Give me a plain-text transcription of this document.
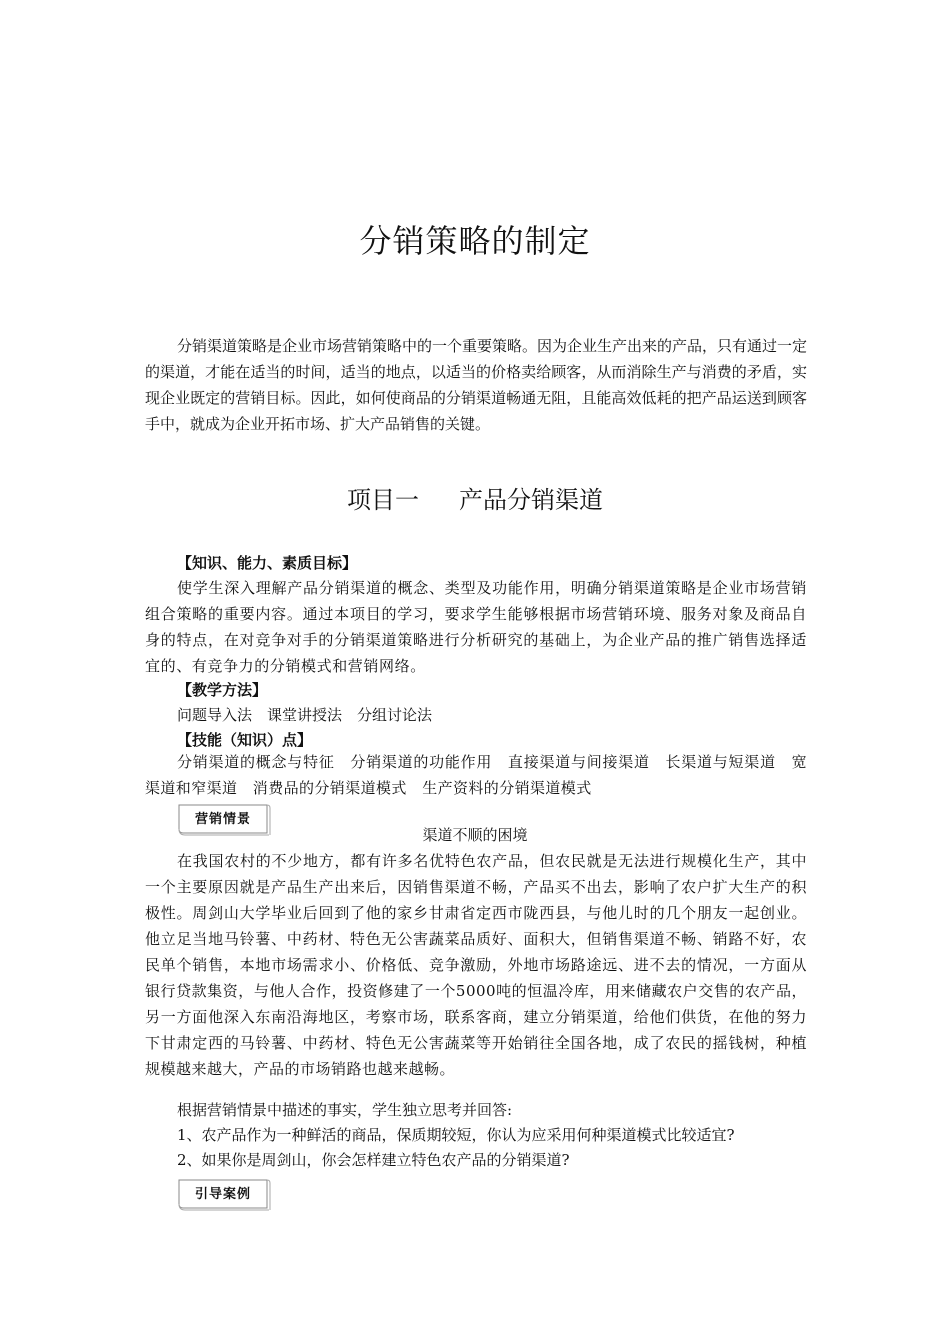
分销策略的制定

分销渠道策略是企业市场营销策略中的一个重要策略。因为企业生产出来的产品，只有通过一定的渠道，才能在适当的时间，适当的地点，以适当的价格卖给顾客，从而消除生产与消费的矛盾，实现企业既定的营销目标。因此，如何使商品的分销渠道畅通无阻，且能高效低耗的把产品运送到顾客手中，就成为企业开拓市场、扩大产品销售的关键。

项目一 产品分销渠道

【知识、能力、素质目标】

使学生深入理解产品分销渠道的概念、类型及功能作用，明确分销渠道策略是企业市场营销组合策略的重要内容。通过本项目的学习，要求学生能够根据市场营销环境、服务对象及商品自身的特点，在对竞争对手的分销渠道策略进行分析研究的基础上，为企业产品的推广销售选择适宜的、有竞争力的分销模式和营销网络。

【教学方法】

问题导入法　课堂讲授法　分组讨论法

【技能（知识）点】

分销渠道的概念与特征　分销渠道的功能作用　直接渠道与间接渠道　长渠道与短渠道　宽渠道和窄渠道　消费品的分销渠道模式　生产资料的分销渠道模式

营销情景
渠道不顺的困境

在我国农村的不少地方，都有许多名优特色农产品，但农民就是无法进行规模化生产，其中一个主要原因就是产品生产出来后，因销售渠道不畅，产品买不出去，影响了农户扩大生产的积极性。周剑山大学毕业后回到了他的家乡甘肃省定西市陇西县，与他儿时的几个朋友一起创业。他立足当地马铃薯、中药材、特色无公害蔬菜品质好、面积大，但销售渠道不畅、销路不好，农民单个销售，本地市场需求小、价格低、竞争激励，外地市场路途远、进不去的情况，一方面从银行贷款集资，与他人合作，投资修建了一个5000吨的恒温冷库，用来储藏农户交售的农产品，另一方面他深入东南沿海地区，考察市场，联系客商，建立分销渠道，给他们供货，在他的努力下甘肃定西的马铃薯、中药材、特色无公害蔬菜等开始销往全国各地，成了农民的摇钱树，种植规模越来越大，产品的市场销路也越来越畅。

根据营销情景中描述的事实，学生独立思考并回答:

1、农产品作为一种鲜活的商品，保质期较短，你认为应采用何种渠道模式比较适宜?

2、如果你是周剑山，你会怎样建立特色农产品的分销渠道?

引导案例
